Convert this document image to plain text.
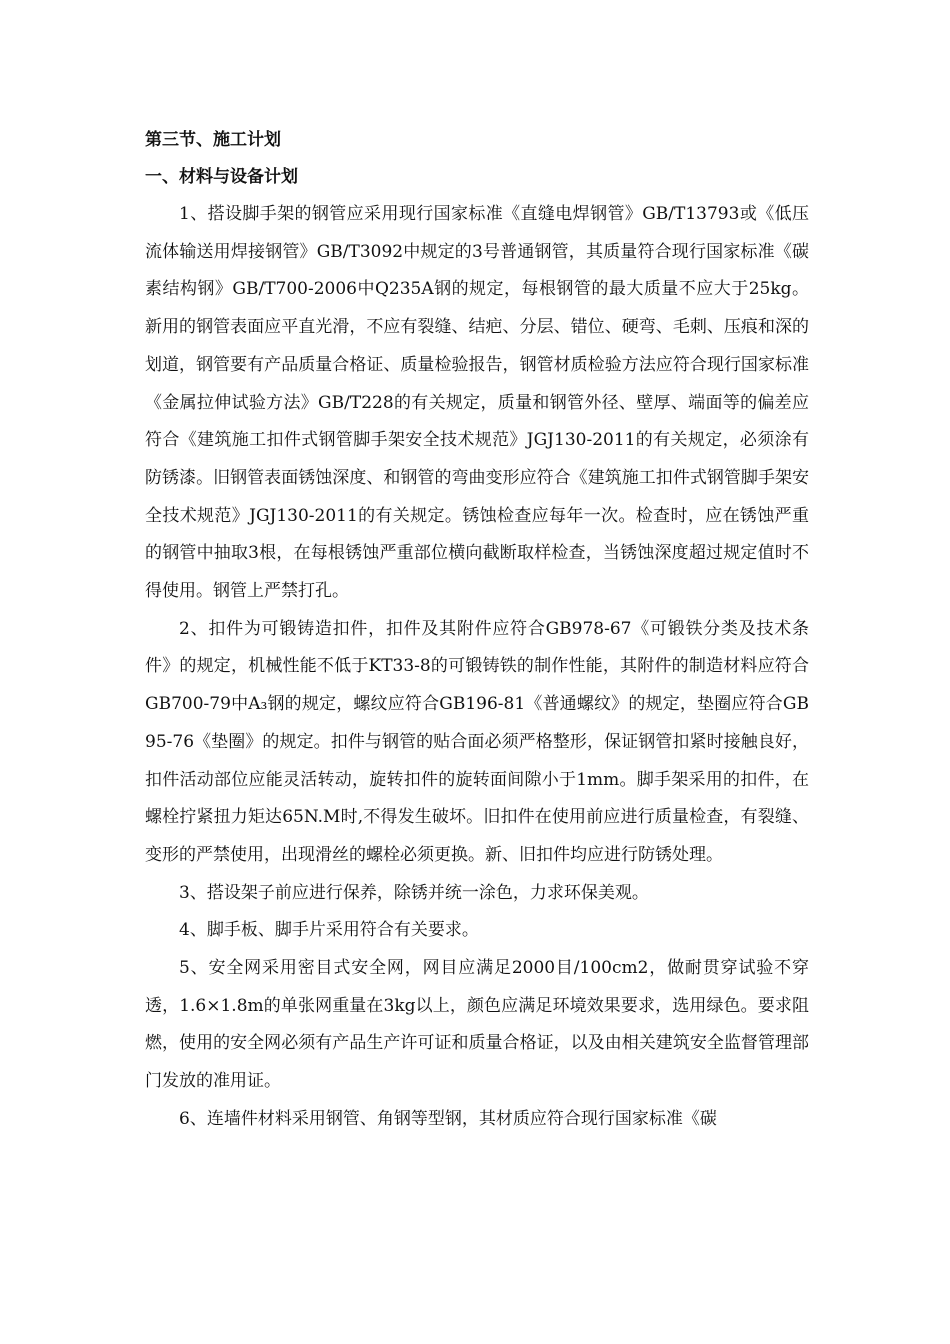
第三节、施工计划

一、材料与设备计划

1、搭设脚手架的钢管应采用现行国家标准《直缝电焊钢管》GB/T13793或《低压流体输送用焊接钢管》GB/T3092中规定的3号普通钢管，其质量符合现行国家标准《碳素结构钢》GB/T700-2006中Q235A钢的规定，每根钢管的最大质量不应大于25kg。新用的钢管表面应平直光滑，不应有裂缝、结疤、分层、错位、硬弯、毛刺、压痕和深的划道，钢管要有产品质量合格证、质量检验报告，钢管材质检验方法应符合现行国家标准《金属拉伸试验方法》GB/T228的有关规定，质量和钢管外径、壁厚、端面等的偏差应符合《建筑施工扣件式钢管脚手架安全技术规范》JGJ130-2011的有关规定，必须涂有防锈漆。旧钢管表面锈蚀深度、和钢管的弯曲变形应符合《建筑施工扣件式钢管脚手架安全技术规范》JGJ130-2011的有关规定。锈蚀检查应每年一次。检查时，应在锈蚀严重的钢管中抽取3根，在每根锈蚀严重部位横向截断取样检查，当锈蚀深度超过规定值时不得使用。钢管上严禁打孔。

2、扣件为可锻铸造扣件，扣件及其附件应符合GB978-67《可锻铁分类及技术条件》的规定，机械性能不低于KT33-8的可锻铸铁的制作性能，其附件的制造材料应符合GB700-79中A₃钢的规定，螺纹应符合GB196-81《普通螺纹》的规定，垫圈应符合GB95-76《垫圈》的规定。扣件与钢管的贴合面必须严格整形，保证钢管扣紧时接触良好，扣件活动部位应能灵活转动，旋转扣件的旋转面间隙小于1mm。脚手架采用的扣件，在螺栓拧紧扭力矩达65N.M时,不得发生破坏。旧扣件在使用前应进行质量检查，有裂缝、变形的严禁使用，出现滑丝的螺栓必须更换。新、旧扣件均应进行防锈处理。

3、搭设架子前应进行保养，除锈并统一涂色，力求环保美观。

4、脚手板、脚手片采用符合有关要求。

5、安全网采用密目式安全网，网目应满足2000目/100cm2，做耐贯穿试验不穿透，1.6×1.8m的单张网重量在3kg以上，颜色应满足环境效果要求，选用绿色。要求阻燃，使用的安全网必须有产品生产许可证和质量合格证，以及由相关建筑安全监督管理部门发放的准用证。

6、连墙件材料采用钢管、角钢等型钢，其材质应符合现行国家标准《碳
